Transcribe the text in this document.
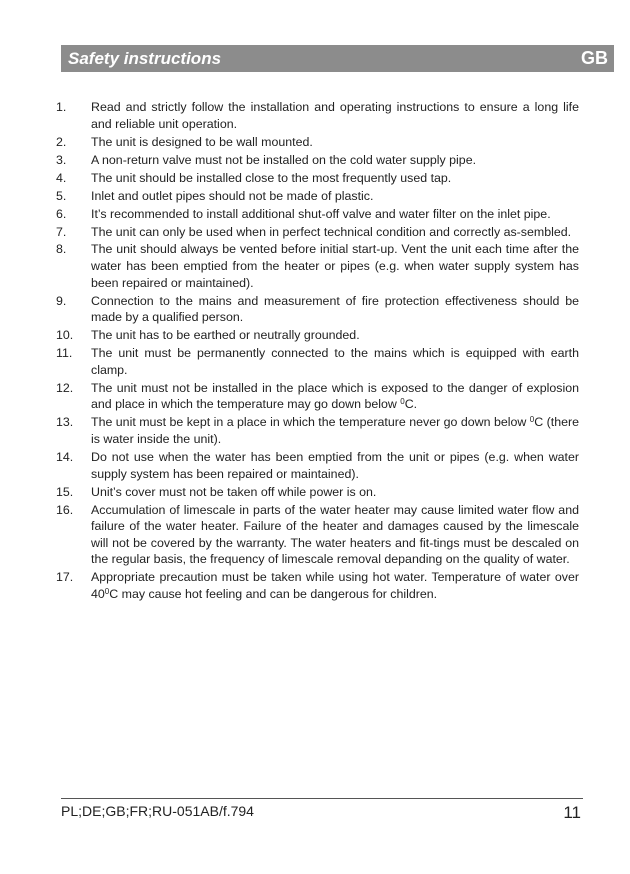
Safety instructions	GB
1.	Read and strictly follow the installation and operating instructions to ensure a long life and reliable unit operation.
2.	The unit is designed to be wall mounted.
3.	A non-return valve must not be installed on the cold water supply pipe.
4.	The unit should be installed close to the most frequently used tap.
5.	Inlet and outlet pipes should not be made of plastic.
6.	It’s recommended to install additional shut-off valve and water filter on the inlet pipe.
7.	The unit can only be used when in perfect technical condition and correctly as-sembled.
8.	The unit should always be vented before initial start-up. Vent the unit each time after the water has been emptied from the heater or pipes (e.g. when water supply system has been repaired or maintained).
9.	Connection to the mains and measurement of fire protection effectiveness should be made by a qualified person.
10.	The unit has to be earthed or neutrally grounded.
11.	The unit must be permanently connected to the mains which is equipped with earth clamp.
12.	The unit must not be installed in the place which is exposed to the danger of explosion and place in which the temperature may go down below $^0$C.
13.	The unit must be kept in a place in which the temperature never go down below $^0$C (there is water inside the unit).
14.	Do not use when the water has been emptied from the unit or pipes (e.g. when water supply system has been repaired or maintained).
15.	Unit’s cover must not be taken off while power is on.
16.	Accumulation of limescale in parts of the water heater may cause limited water flow and failure of the water heater. Failure of the heater and damages caused by the limescale will not be covered by the warranty. The water heaters and fit-tings must be descaled on the regular basis, the frequency of limescale removal depanding on the quality of water.
17.	Appropriate precaution must be taken while using hot water. Temperature of water over $40^0C$ may cause hot feeling and can be dangerous for children.
PL;DE;GB;FR;RU-051AB/f.794	11
